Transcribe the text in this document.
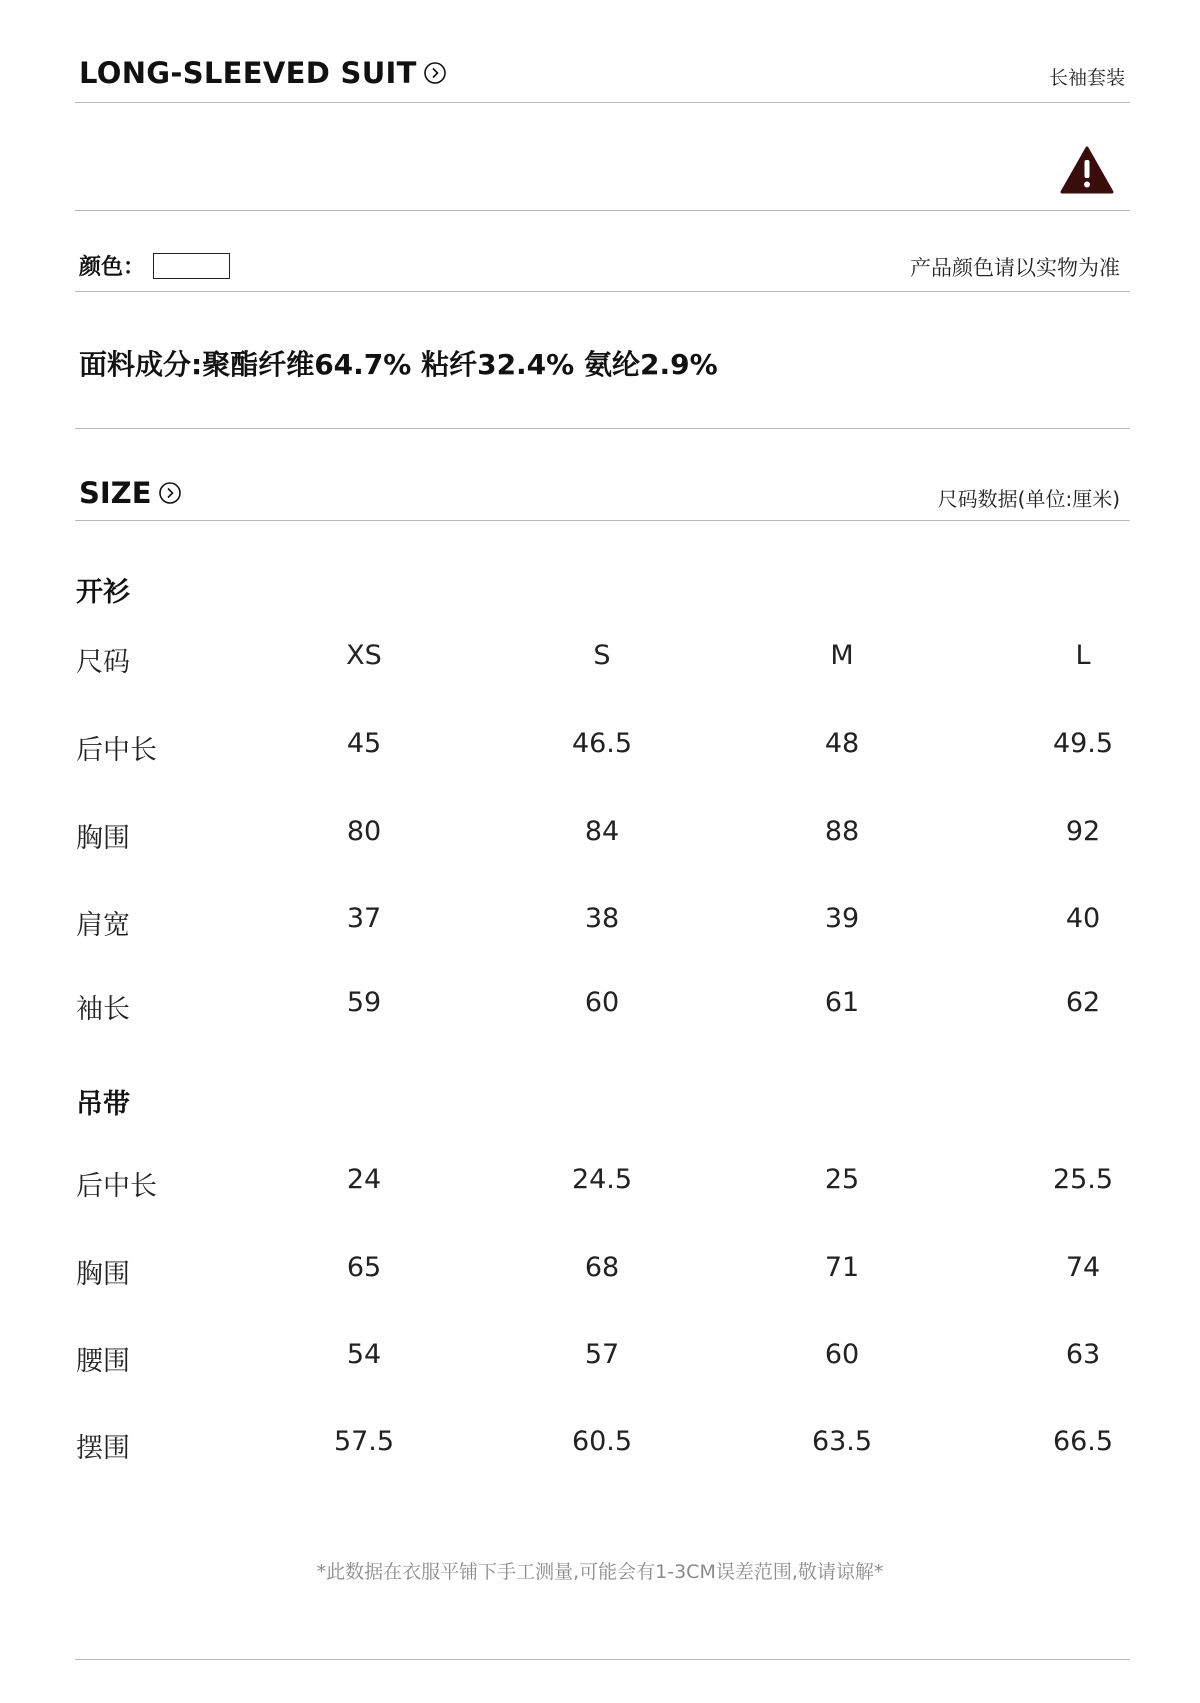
LONG-SLEEVED SUIT	长袖套装
颜色：	产品颜色请以实物为准
面料成分:聚酯纤维64.7% 粘纤32.4% 氨纶2.9%
SIZE	尺码数据(单位:厘米)
开衫
尺码	XS	S	M	L
后中长	45	46.5	48	49.5
胸围	80	84	88	92
肩宽	37	38	39	40
袖长	59	60	61	62
吊带
后中长	24	24.5	25	25.5
胸围	65	68	71	74
腰围	54	57	60	63
摆围	57.5	60.5	63.5	66.5
*此数据在衣服平铺下手工测量,可能会有1-3CM误差范围,敬请谅解*
